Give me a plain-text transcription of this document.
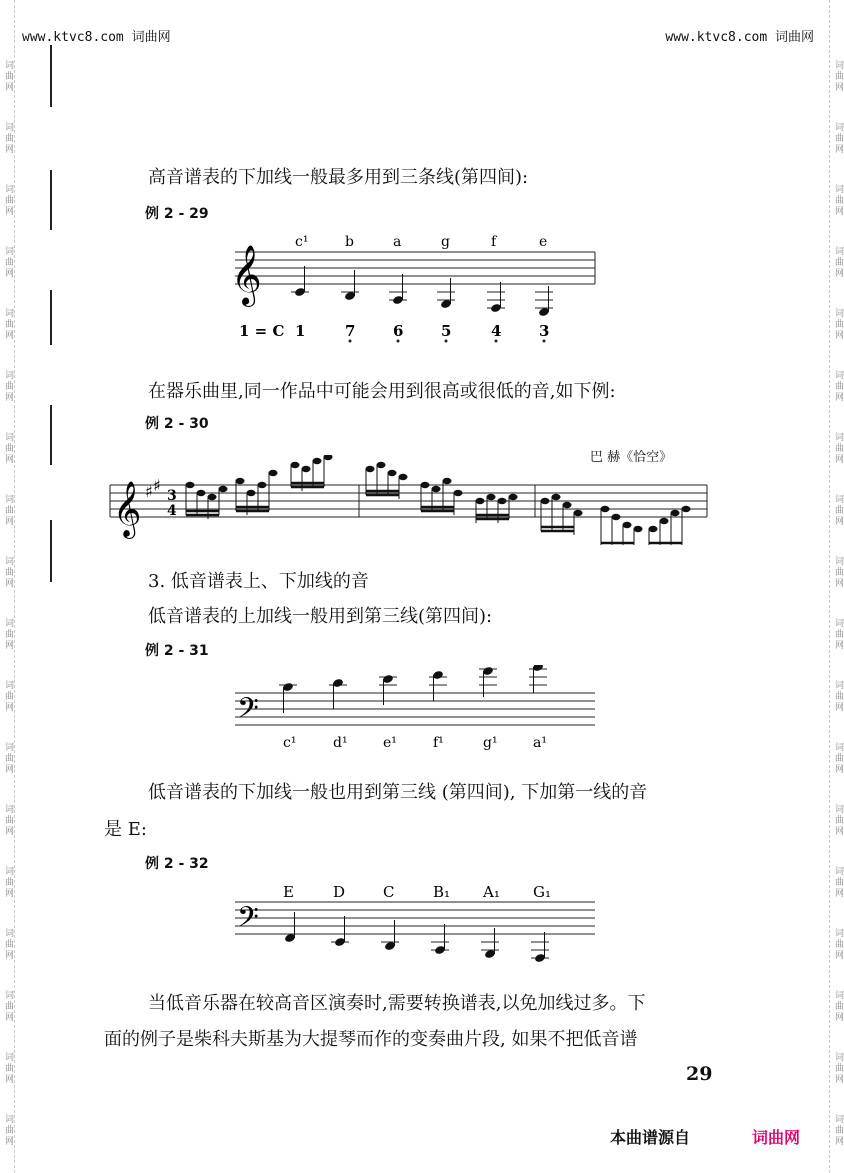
词曲网
词曲网
词曲网
词曲网
词曲网
词曲网
词曲网
词曲网
词曲网
词曲网
词曲网
词曲网
词曲网
词曲网
词曲网
词曲网
词曲网
词曲网
词曲网
词曲网
词曲网
词曲网
词曲网
词曲网
词曲网
词曲网
词曲网
词曲网
词曲网
词曲网
词曲网
词曲网
词曲网
词曲网
词曲网
词曲网
www.ktvc8.com 词曲网	www.ktvc8.com 词曲网
高音谱表的下加线一般最多用到三条线(第四间):
例 2 - 29
𝄞
c¹	b	a	g	f	e
1 = C 1	7	6	5	4	3
在器乐曲里,同一作品中可能会用到很高或很低的音,如下例:
例 2 - 30
巴 赫《恰空》
𝄞 ♯ ♯
3
4
3. 低音谱表上、下加线的音
低音谱表的上加线一般用到第三线(第四间):
例 2 - 31
𝄢
c¹	d¹	e¹	f¹	g¹	a¹
低音谱表的下加线一般也用到第三线 (第四间), 下加第一线的音
是 E:
例 2 - 32
𝄢
E	D	C	B₁ A₁ G₁
当低音乐器在较高音区演奏时,需要转换谱表,以免加线过多。下
面的例子是柴科夫斯基为大提琴而作的变奏曲片段, 如果不把低音谱
29
本曲谱源自	词曲网
